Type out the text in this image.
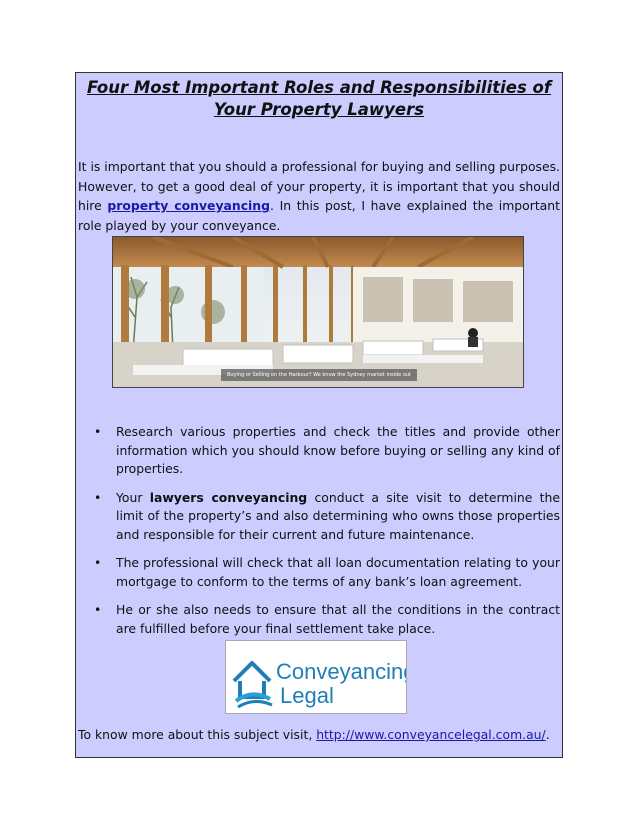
Four Most Important Roles and Responsibilities of
Your Property Lawyers
It is important that you should a professional for buying and selling purposes. However, to get a good deal of your property, it is important that you should hire property conveyancing. In this post, I have explained the important role played by your conveyance.
Buying or Selling on the Harbour? We know the Sydney market inside out
• Research various properties and check the titles and provide other information which you should know before buying or selling any kind of properties.
• Your lawyers conveyancing conduct a site visit to determine the limit of the property’s and also determining who owns those properties and responsible for their current and future maintenance.
• The professional will check that all loan documentation relating to your mortgage to conform to the terms of any bank’s loan agreement.
• He or she also needs to ensure that all the conditions in the contract are fulfilled before your final settlement take place.
Conveyancing
Legal
To know more about this subject visit, http://www.conveyancelegal.com.au/.
